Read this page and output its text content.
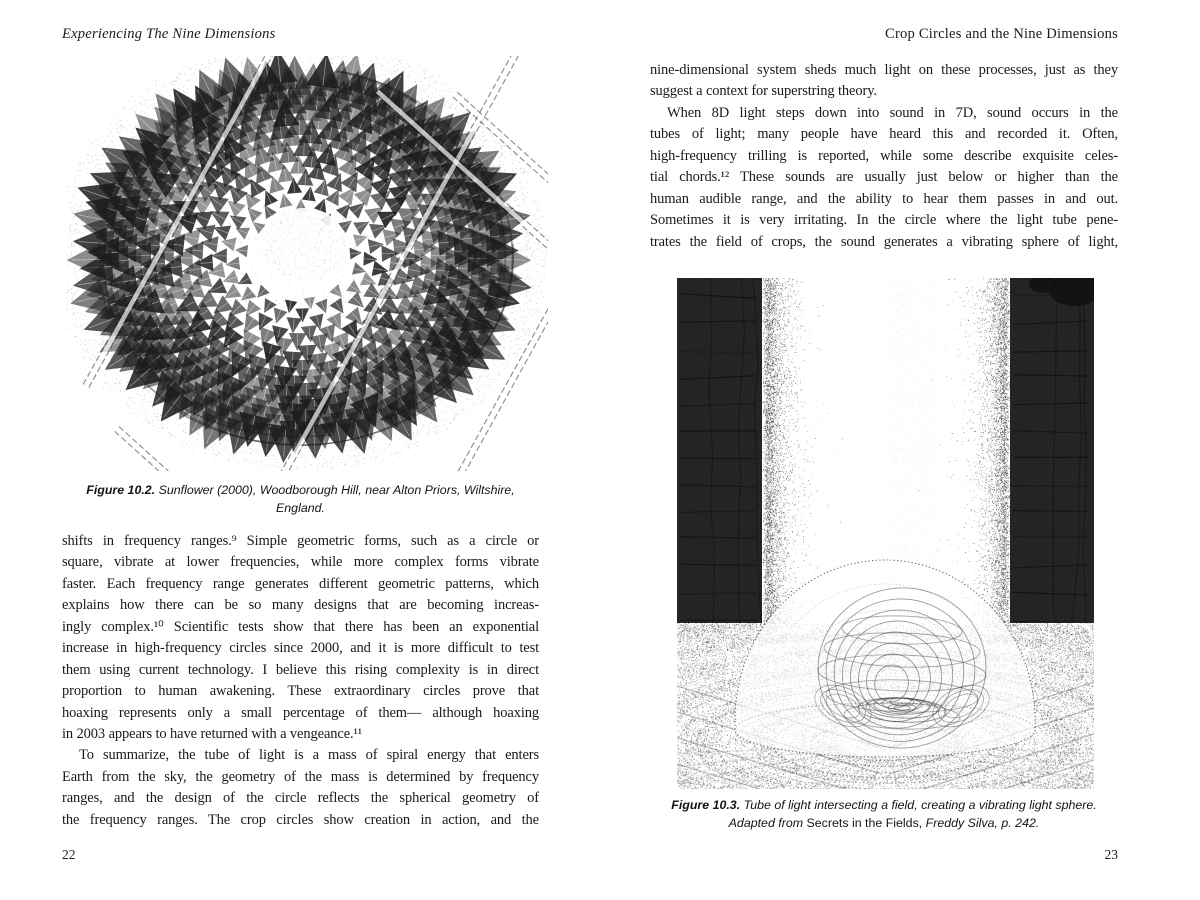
Experiencing The Nine Dimensions	Crop Circles and the Nine Dimensions
Figure 10.2. Sunflower (2000), Woodborough Hill, near Alton Priors, Wiltshire, England.
shifts in frequency ranges.⁹ Simple geometric forms, such as a circle or
square, vibrate at lower frequencies, while more complex forms vibrate
faster. Each frequency range generates different geometric patterns, which
explains how there can be so many designs that are becoming increas-
ingly complex.¹⁰ Scientific tests show that there has been an exponential
increase in high-frequency circles since 2000, and it is more difficult to test
them using current technology. I believe this rising complexity is in direct
proportion to human awakening. These extraordinary circles prove that
hoaxing represents only a small percentage of them— although hoaxing
in 2003 appears to have returned with a vengeance.¹¹
To summarize, the tube of light is a mass of spiral energy that enters
Earth from the sky, the geometry of the mass is determined by frequency
ranges, and the design of the circle reflects the spherical geometry of
the frequency ranges. The crop circles show creation in action, and the
22
nine-dimensional system sheds much light on these processes, just as they
suggest a context for superstring theory.
When 8D light steps down into sound in 7D, sound occurs in the
tubes of light; many people have heard this and recorded it. Often,
high-frequency trilling is reported, while some describe exquisite celes-
tial chords.¹² These sounds are usually just below or higher than the
human audible range, and the ability to hear them passes in and out.
Sometimes it is very irritating. In the circle where the light tube pene-
trates the field of crops, the sound generates a vibrating sphere of light,
Figure 10.3. Tube of light intersecting a field, creating a vibrating light sphere.
Adapted from Secrets in the Fields, Freddy Silva, p. 242.
23
